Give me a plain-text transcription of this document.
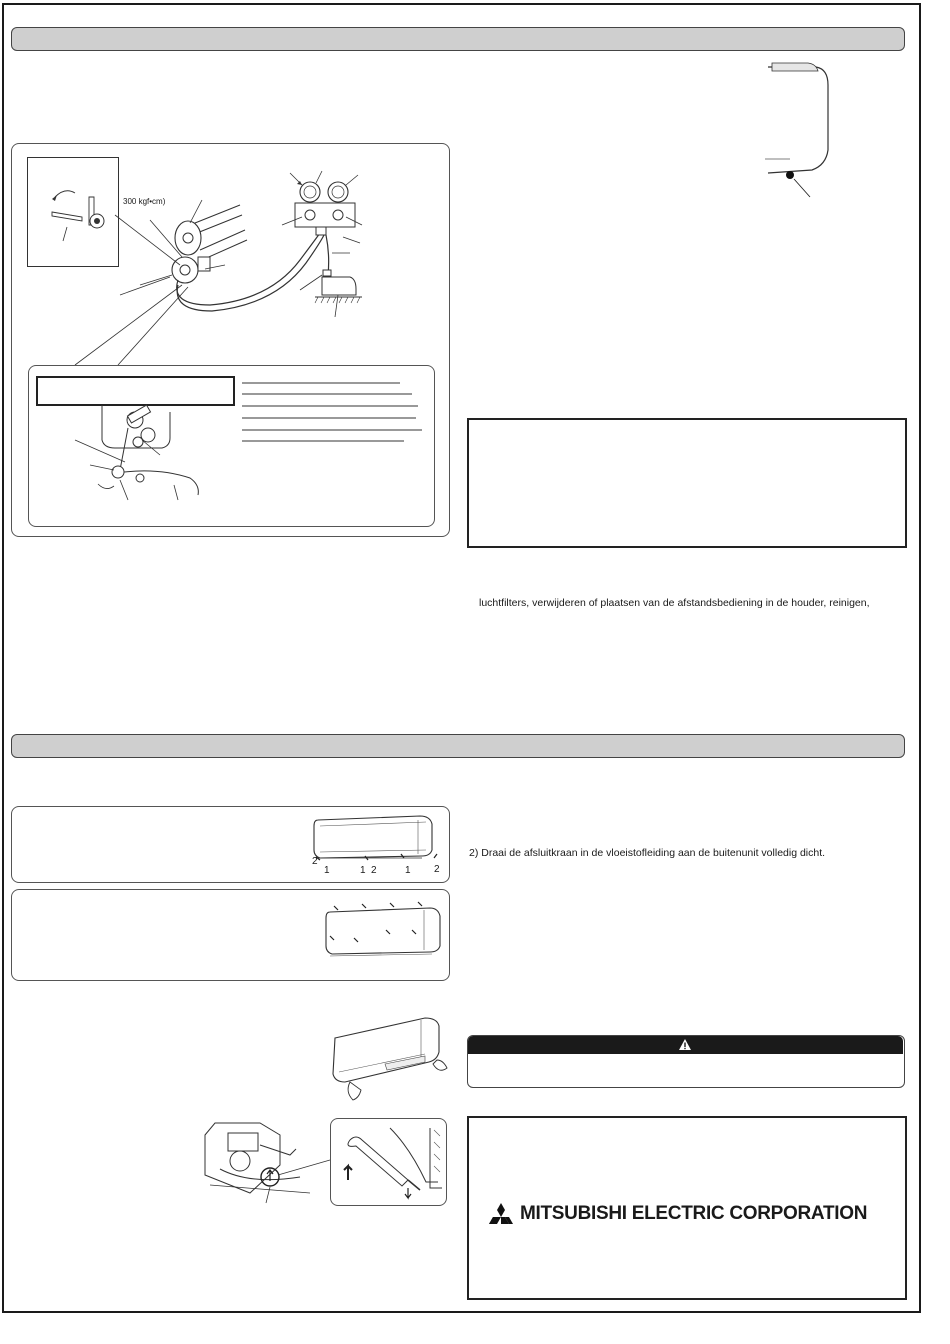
300 kgf•cm)
luchtfilters, verwijderen of plaatsen van de afstandsbediening in de houder, reinigen,
2
1	1 2	1 2
2) Draai de afsluitkraan in de vloeistofleiding aan de buitenunit volledig dicht.
MITSUBISHI ELECTRIC CORPORATION
